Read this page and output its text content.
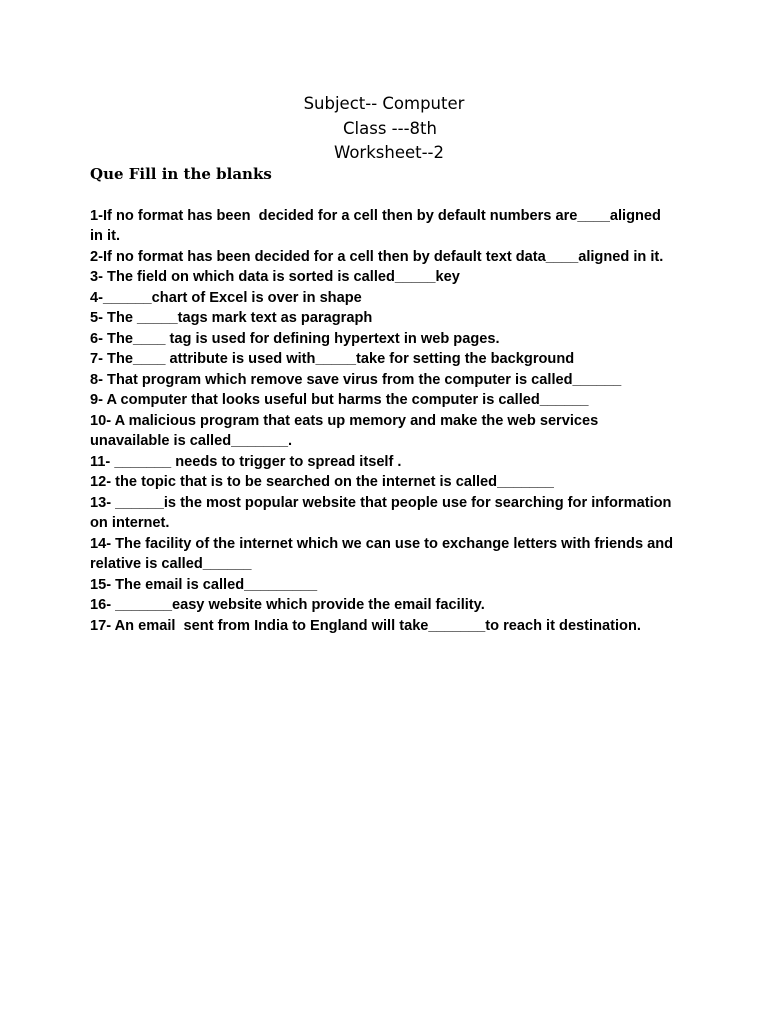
Subject-- Computer
Class ---8th
Worksheet--2
Que Fill in the blanks

1-If no format has been  decided for a cell then by default numbers are____aligned in it.

2-If no format has been decided for a cell then by default text data____aligned in it.

3- The field on which data is sorted is called_____key

4-______chart of Excel is over in shape

5- The _____tags mark text as paragraph

6- The____ tag is used for defining hypertext in web pages.

7- The____ attribute is used with_____take for setting the background

8- That program which remove save virus from the computer is called______

9- A computer that looks useful but harms the computer is called______

10- A malicious program that eats up memory and make the web services unavailable is called_______.

11- _______ needs to trigger to spread itself .

12- the topic that is to be searched on the internet is called_______

13- ______is the most popular website that people use for searching for information on internet.

14- The facility of the internet which we can use to exchange letters with friends and relative is called______

15- The email is called_________

16- _______easy website which provide the email facility.

17- An email  sent from India to England will take_______to reach it destination.
